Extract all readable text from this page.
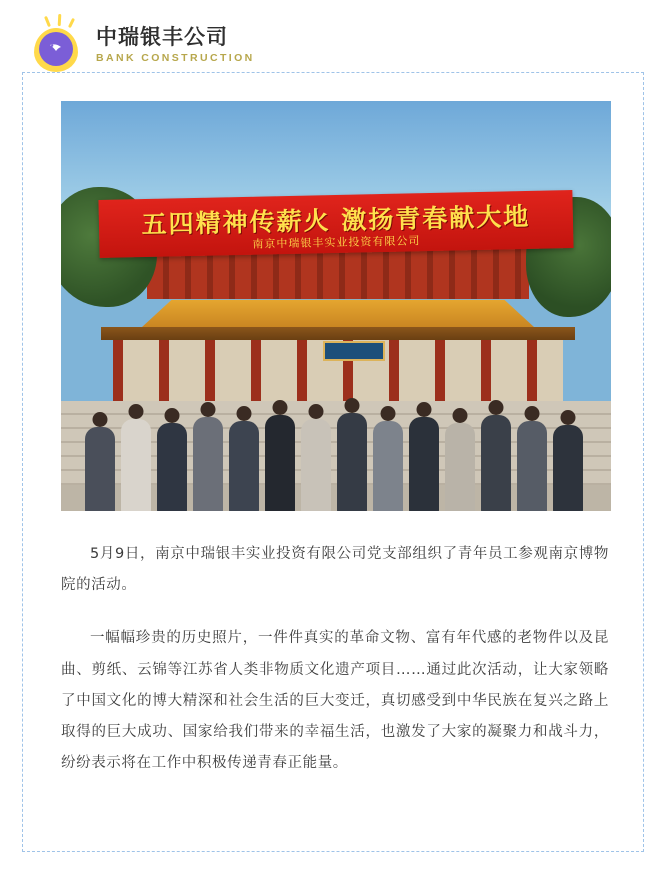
中瑞银丰公司
BANK CONSTRUCTION
五四精神传薪火 激扬青春献大地
南京中瑞银丰实业投资有限公司

5月9日，南京中瑞银丰实业投资有限公司党支部组织了青年员工参观南京博物院的活动。

一幅幅珍贵的历史照片，一件件真实的革命文物、富有年代感的老物件以及昆曲、剪纸、云锦等江苏省人类非物质文化遗产项目……通过此次活动，让大家领略了中国文化的博大精深和社会生活的巨大变迁，真切感受到中华民族在复兴之路上取得的巨大成功、国家给我们带来的幸福生活，也激发了大家的凝聚力和战斗力，纷纷表示将在工作中积极传递青春正能量。
